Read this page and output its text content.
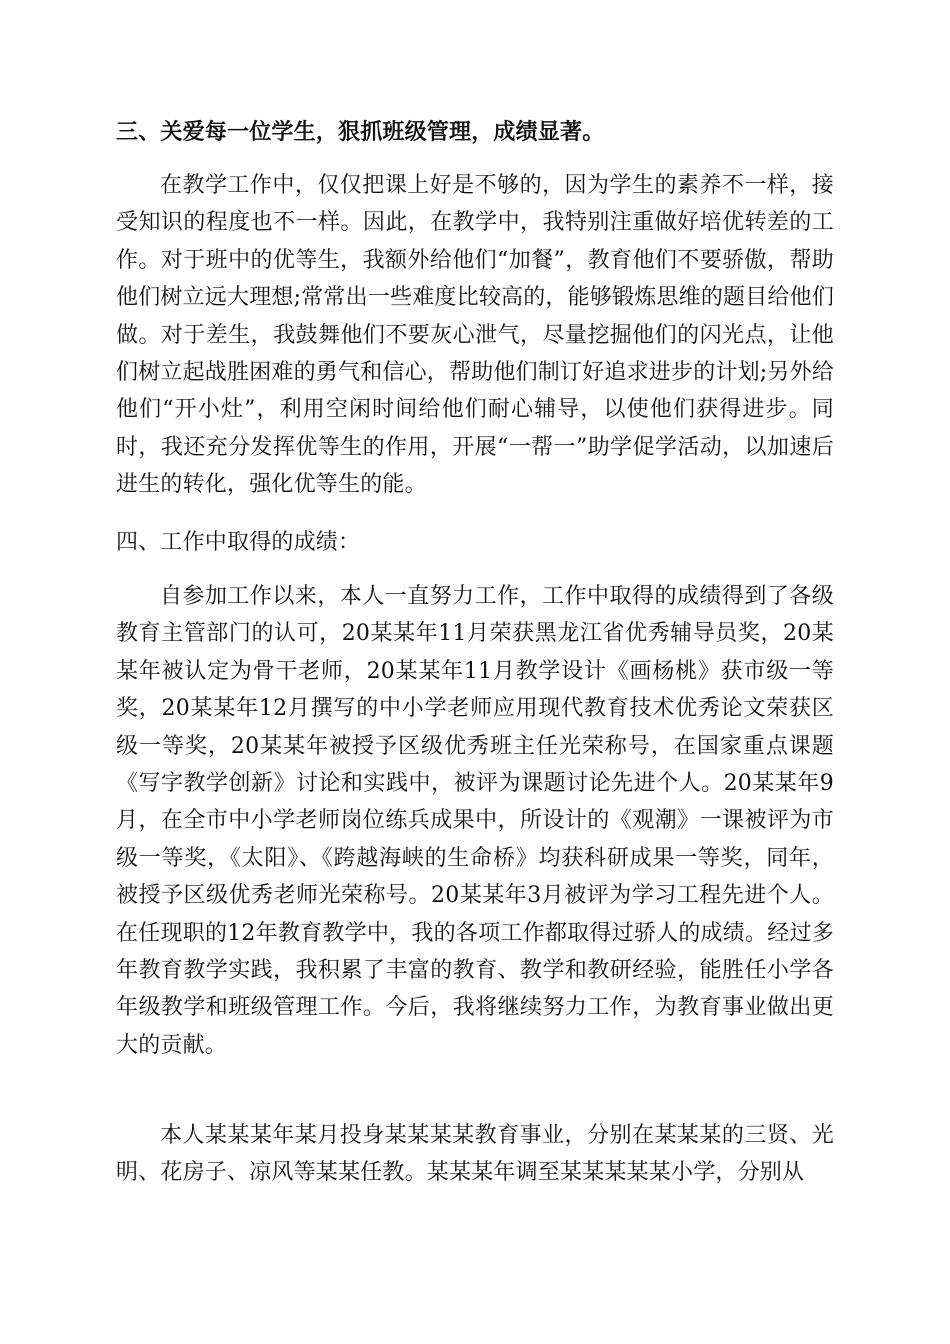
三、关爱每一位学生，狠抓班级管理，成绩显著。

在教学工作中，仅仅把课上好是不够的，因为学生的素养不一样，接受知识的程度也不一样。因此，在教学中，我特别注重做好培优转差的工作。对于班中的优等生，我额外给他们“加餐”，教育他们不要骄傲，帮助他们树立远大理想;常常出一些难度比较高的，能够锻炼思维的题目给他们做。对于差生，我鼓舞他们不要灰心泄气，尽量挖掘他们的闪光点，让他们树立起战胜困难的勇气和信心，帮助他们制订好追求进步的计划;另外给他们“开小灶”，利用空闲时间给他们耐心辅导，以使他们获得进步。同时，我还充分发挥优等生的作用，开展“一帮一”助学促学活动，以加速后进生的转化，强化优等生的能。

四、工作中取得的成绩：

自参加工作以来，本人一直努力工作，工作中取得的成绩得到了各级教育主管部门的认可，20某某年11月荣获黑龙江省优秀辅导员奖，20某某年被认定为骨干老师，20某某年11月教学设计《画杨桃》获市级一等奖，20某某年12月撰写的中小学老师应用现代教育技术优秀论文荣获区级一等奖，20某某年被授予区级优秀班主任光荣称号，在国家重点课题《写字教学创新》讨论和实践中，被评为课题讨论先进个人。20某某年9月，在全市中小学老师岗位练兵成果中，所设计的《观潮》一课被评为市级一等奖，《太阳》、《跨越海峡的生命桥》均获科研成果一等奖，同年，被授予区级优秀老师光荣称号。20某某年3月被评为学习工程先进个人。在任现职的12年教育教学中，我的各项工作都取得过骄人的成绩。经过多年教育教学实践，我积累了丰富的教育、教学和教研经验，能胜任小学各年级教学和班级管理工作。今后，我将继续努力工作，为教育事业做出更大的贡献。

本人某某某年某月投身某某某某教育事业，分别在某某某的三贤、光明、花房子、凉风等某某任教。某某某年调至某某某某某小学，分别从
